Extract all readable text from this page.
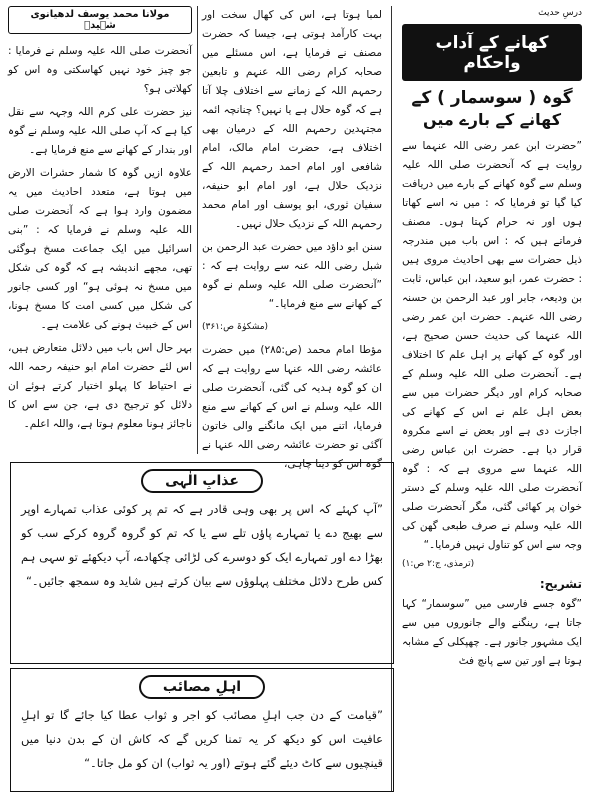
درسِ حدیث
کھانے کے آداب واحکام
گوہ ( سوسمار ) کے
کھانے کے بارے میں

”حضرت ابن عمر رضی اللہ عنہما سے روایت ہے کہ آنحضرت صلی اللہ علیہ وسلم سے گوہ کھانے کے بارے میں دریافت کیا گیا تو فرمایا کہ : میں نہ اسے کھاتا ہوں اور نہ حرام کہتا ہوں۔ مصنف فرماتے ہیں کہ : اس باب میں مندرجہ ذیل حضرات سے بھی احادیث مروی ہیں : حضرت عمر، ابو سعید، ابن عباس، ثابت بن ودیعہ، جابر اور عبد الرحمن بن حسنہ رضی اللہ عنہم۔ حضرت ابن عمر رضی اللہ عنہما کی حدیث حسن صحیح ہے، اور گوہ کے کھانے پر اہل علم کا اختلاف ہے۔ آنحضرت صلی اللہ علیہ وسلم کے صحابہ کرام اور دیگر حضرات میں سے بعض اہل علم نے اس کے کھانے کی اجازت دی ہے اور بعض نے اسے مکروہ قرار دیا ہے۔ حضرت ابن عباس رضی اللہ عنہما سے مروی ہے کہ : گوہ آنحضرت صلی اللہ علیہ وسلم کے دستر خوان پر کھائی گئی، مگر آنحضرت صلی اللہ علیہ وسلم نے صرف طبعی گھن کی وجہ سے اس کو تناول نہیں فرمایا۔“

(ترمذی، ج:۲ ص:۱)
تشریح:

”گوہ جسے فارسی میں ”سوسمار“ کہا جاتا ہے، رینگنے والے جانوروں میں سے ایک مشہور جانور ہے۔ چھپکلی کے مشابہ ہوتا ہے اور تین سے پانچ فٹ

لمبا ہوتا ہے، اس کی کھال سخت اور بہت کارآمد ہوتی ہے، جیسا کہ حضرت مصنف نے فرمایا ہے، اس مسئلے میں صحابہ کرام رضی اللہ عنہم و تابعین رحمہم اللہ کے زمانے سے اختلاف چلا آتا ہے کہ گوہ حلال ہے یا نہیں؟ چنانچہ ائمہ مجتہدین رحمہم اللہ کے درمیان بھی اختلاف ہے، حضرت امام مالک، امام شافعی اور امام احمد رحمہم اللہ کے نزدیک حلال ہے، اور امام ابو حنیفہ، سفیان ثوری، ابو یوسف اور امام محمد رحمہم اللہ کے نزدیک حلال نہیں۔

سنن ابو داؤد میں حضرت عبد الرحمن بن شبل رضی اللہ عنہ سے روایت ہے کہ : ”آنحضرت صلی اللہ علیہ وسلم نے گوہ کے کھانے سے منع فرمایا۔“

(مشکوٰۃ ص:۳۶۱)

مؤطا امام محمد (ص:۲۸۵) میں حضرت عائشہ رضی اللہ عنہا سے روایت ہے کہ ان کو گوہ ہدیہ کی گئی، آنحضرت صلی اللہ علیہ وسلم نے اس کے کھانے سے منع فرمایا، اتنے میں ایک مانگنے والی خاتون آگئی تو حضرت عائشہ رضی اللہ عنہا نے گوہ اس کو دینا چاہی،

مولانا محمد یوسف لدھیانوی شہیدؒ

آنحضرت صلی اللہ علیہ وسلم نے فرمایا : جو چیز خود نہیں کھاسکتی وہ اس کو کھلاتی ہو؟

نیز حضرت علی کرم اللہ وجہہ سے نقل کیا ہے کہ آپ صلی اللہ علیہ وسلم نے گوہ اور بندار کے کھانے سے منع فرمایا ہے۔

علاوہ ازیں گوہ کا شمار حشرات الارض میں ہوتا ہے، متعدد احادیث میں یہ مضمون وارد ہوا ہے کہ آنحضرت صلی اللہ علیہ وسلم نے فرمایا کہ : ”بنی اسرائیل میں ایک جماعت مسخ ہوگئی تھی، مجھے اندیشہ ہے کہ گوہ کی شکل میں مسخ نہ ہوئی ہو“ اور کسی جانور کی شکل میں کسی امت کا مسخ ہونا، اس کے خبیث ہونے کی علامت ہے۔

بہر حال اس باب میں دلائل متعارض ہیں، اس لئے حضرت امام ابو حنیفہ رحمہ اللہ نے احتیاط کا پہلو اختیار کرتے ہوئے ان دلائل کو ترجیح دی ہے، جن سے اس کا ناجائز ہونا معلوم ہوتا ہے، واللہ اعلم۔

عذابِ الٰہی

”آپ کہئے کہ اس پر بھی وہی قادر ہے کہ تم پر کوئی عذاب تمہارے اوپر سے بھیج دے یا تمہارے پاؤں تلے سے یا کہ تم کو گروہ گروہ کرکے سب کو بھڑا دے اور تمہارے ایک کو دوسرے کی لڑائی چکھادے، آپ دیکھئے تو سہی ہم کس طرح دلائل مختلف پہلوؤں سے بیان کرتے ہیں شاید وہ سمجھ جائیں۔“

اہلِ مصائب

”قیامت کے دن جب اہلِ مصائب کو اجر و ثواب عطا کیا جائے گا تو اہلِ عافیت اس کو دیکھ کر یہ تمنا کریں گے کہ کاش ان کے بدن دنیا میں قینچیوں سے کاٹ دیئے گئے ہوتے (اور یہ ثواب) ان کو مل جاتا۔“
